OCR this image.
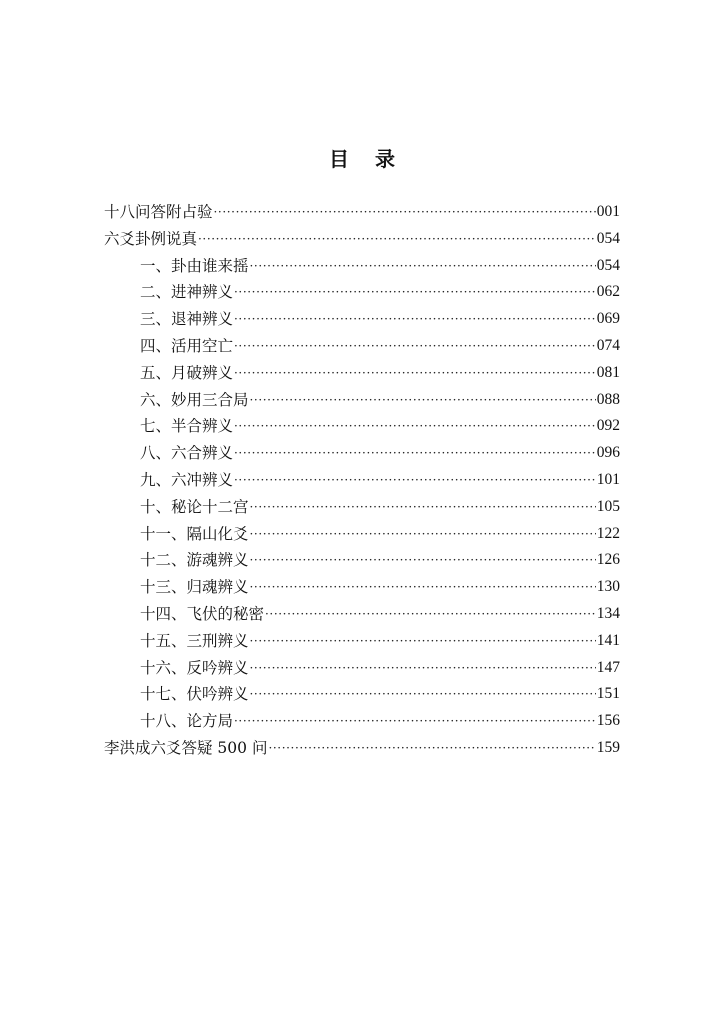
目 录
十八问答附占验 ·····	001
六爻卦例说真 ·····	054
一、卦由谁来摇 ·····	054
二、进神辨义 ·····	062
三、退神辨义 ·····	069
四、活用空亡 ·····	074
五、月破辨义 ·····	081
六、妙用三合局 ·····	088
七、半合辨义 ·····	092
八、六合辨义 ·····	096
九、六冲辨义 ·····	101
十、秘论十二宫 ·····	105
十一、隔山化爻 ·····	122
十二、游魂辨义 ·····	126
十三、归魂辨义 ·····	130
十四、飞伏的秘密 ·····	134
十五、三刑辨义 ·····	141
十六、反吟辨义 ·····	147
十七、伏吟辨义 ·····	151
十八、论方局 ·····	156
李洪成六爻答疑 500 问 ·····	159
